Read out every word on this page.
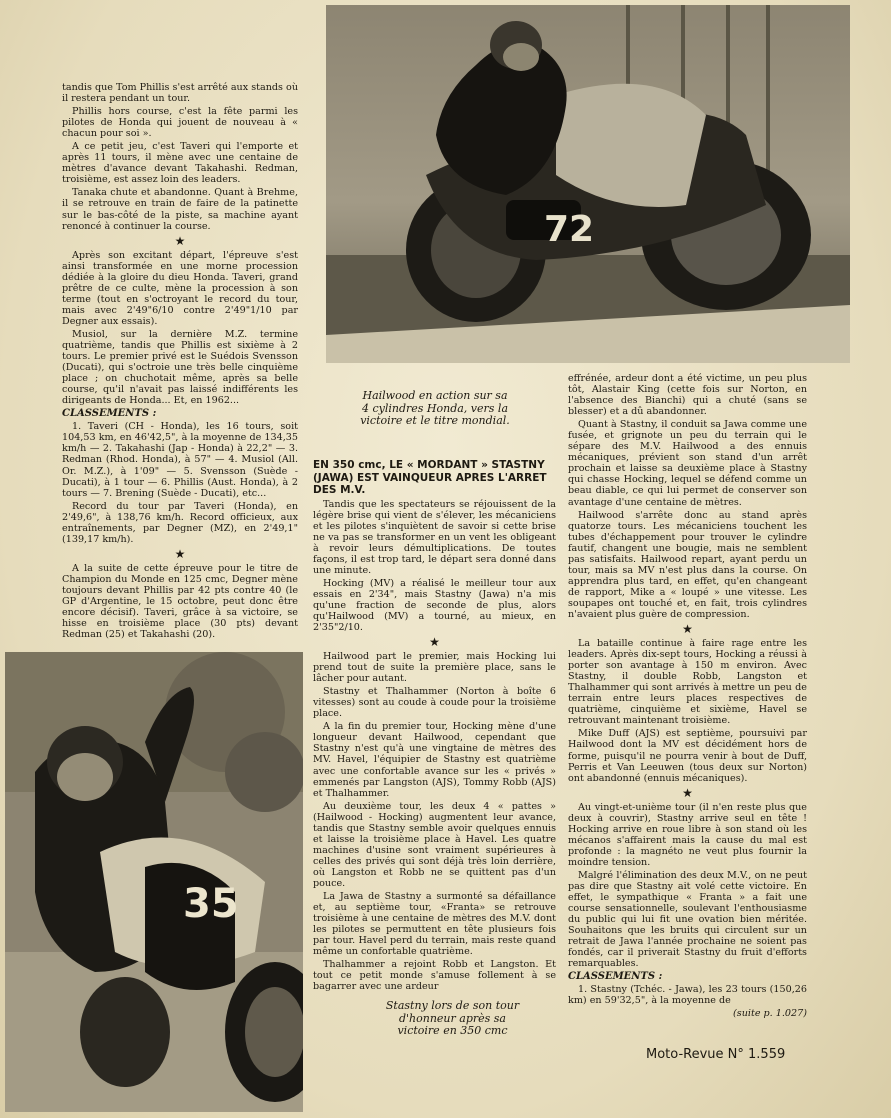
tandis que Tom Phillis s'est arrêté aux stands où il restera pendant un tour.

Phillis hors course, c'est la fête parmi les pilotes de Honda qui jouent de nouveau à « chacun pour soi ».

A ce petit jeu, c'est Taveri qui l'emporte et après 11 tours, il mène avec une centaine de mètres d'avance devant Takahashi. Redman, troisième, est assez loin des leaders.

Tanaka chute et abandonne. Quant à Brehme, il se retrouve en train de faire de la patinette sur le bas-côté de la piste, sa machine ayant renoncé à continuer la course.

★

Après son excitant départ, l'épreuve s'est ainsi transformée en une morne procession dédiée à la gloire du dieu Honda. Taveri, grand prêtre de ce culte, mène la procession à son terme (tout en s'octroyant le record du tour, mais avec 2'49"6/10 contre 2'49"1/10 par Degner aux essais).

Musiol, sur la dernière M.Z. termine quatrième, tandis que Phillis est sixième à 2 tours. Le premier privé est le Suédois Svensson (Ducati), qui s'octroie une très belle cinquième place ; on chuchotait même, après sa belle course, qu'il n'avait pas laissé indifférents les dirigeants de Honda... Et, en 1962...

CLASSEMENTS :

1. Taveri (CH - Honda), les 16 tours, soit 104,53 km, en 46'42,5", à la moyenne de 134,35 km/h — 2. Takahashi (Jap - Honda) à 22,2" — 3. Redman (Rhod. Honda), à 57" — 4. Musiol (All. Or. M.Z.), à 1'09" — 5. Svensson (Suède - Ducati), à 1 tour — 6. Phillis (Aust. Honda), à 2 tours — 7. Brening (Suède - Ducati), etc...

Record du tour par Taveri (Honda), en 2'49,6", à 138,76 km/h. Record officieux, aux entraînements, par Degner (MZ), en 2'49,1" (139,17 km/h).

★

A la suite de cette épreuve pour le titre de Champion du Monde en 125 cmc, Degner mène toujours devant Phillis par 42 pts contre 40 (le GP d'Argentine, le 15 octobre, peut donc être encore décisif). Taveri, grâce à sa victoire, se hisse en troisième place (30 pts) devant Redman (25) et Takahashi (20).

72
Hailwood en action sur sa 4 cylindres Honda, vers la victoire et le titre mondial.

EN 350 cmc, LE « MORDANT » STASTNY (JAWA) EST VAINQUEUR APRES L'ARRET DES M.V.

Tandis que les spectateurs se réjouissent de la légère brise qui vient de s'élever, les mécaniciens et les pilotes s'inquiètent de savoir si cette brise ne va pas se transformer en un vent les obligeant à revoir leurs démultiplications. De toutes façons, il est trop tard, le départ sera donné dans une minute.

Hocking (MV) a réalisé le meilleur tour aux essais en 2'34", mais Stastny (Jawa) n'a mis qu'une fraction de seconde de plus, alors qu'Hailwood (MV) a tourné, au mieux, en 2'35"2/10.

★

Hailwood part le premier, mais Hocking lui prend tout de suite la première place, sans le lâcher pour autant.

Stastny et Thalhammer (Norton à boîte 6 vitesses) sont au coude à coude pour la troisième place.

A la fin du premier tour, Hocking mène d'une longueur devant Hailwood, cependant que Stastny n'est qu'à une vingtaine de mètres des MV. Havel, l'équipier de Stastny est quatrième avec une confortable avance sur les « privés » emmenés par Langston (AJS), Tommy Robb (AJS) et Thalhammer.

Au deuxième tour, les deux 4 « pattes » (Hailwood - Hocking) augmentent leur avance, tandis que Stastny semble avoir quelques ennuis et laisse la troisième place à Havel. Les quatre machines d'usine sont vraiment supérieures à celles des privés qui sont déjà très loin derrière, où Langston et Robb ne se quittent pas d'un pouce.

La Jawa de Stastny a surmonté sa défaillance et, au septième tour, «Franta» se retrouve troisième à une centaine de mètres des M.V. dont les pilotes se permuttent en tête plusieurs fois par tour. Havel perd du terrain, mais reste quand même un confortable quatrième.

Thalhammer a rejoint Robb et Langston. Et tout ce petit monde s'amuse follement à se bagarrer avec une ardeur

Stastny lors de son tour d'honneur après sa victoire en 350 cmc

effrénée, ardeur dont a été victime, un peu plus tôt, Alastair King (cette fois sur Norton, en l'absence des Bianchi) qui a chuté (sans se blesser) et a dû abandonner.

Quant à Stastny, il conduit sa Jawa comme une fusée, et grignote un peu du terrain qui le sépare des M.V. Hailwood a des ennuis mécaniques, prévient son stand d'un arrêt prochain et laisse sa deuxième place à Stastny qui chasse Hocking, lequel se défend comme un beau diable, ce qui lui permet de conserver son avantage d'une centaine de mètres.

Hailwood s'arrête donc au stand après quatorze tours. Les mécaniciens touchent les tubes d'échappement pour trouver le cylindre fautif, changent une bougie, mais ne semblent pas satisfaits. Hailwood repart, ayant perdu un tour, mais sa MV n'est plus dans la course. On apprendra plus tard, en effet, qu'en changeant de rapport, Mike a « loupé » une vitesse. Les soupapes ont touché et, en fait, trois cylindres n'avaient plus guère de compression.

★

La bataille continue à faire rage entre les leaders. Après dix-sept tours, Hocking a réussi à porter son avantage à 150 m environ. Avec Stastny, il double Robb, Langston et Thalhammer qui sont arrivés à mettre un peu de terrain entre leurs places respectives de quatrième, cinquième et sixième, Havel se retrouvant maintenant troisième.

Mike Duff (AJS) est septième, poursuivi par Hailwood dont la MV est décidément hors de forme, puisqu'il ne pourra venir à bout de Duff, Perris et Van Leeuwen (tous deux sur Norton) ont abandonné (ennuis mécaniques).

★

Au vingt-et-unième tour (il n'en reste plus que deux à couvrir), Stastny arrive seul en tête ! Hocking arrive en roue libre à son stand où les mécanos s'affairent mais la cause du mal est profonde : la magnéto ne veut plus fournir la moindre tension.

Malgré l'élimination des deux M.V., on ne peut pas dire que Stastny ait volé cette victoire. En effet, le sympathique « Franta » a fait une course sensationnelle, soulevant l'enthousiasme du public qui lui fit une ovation bien méritée. Souhaitons que les bruits qui circulent sur un retrait de Jawa l'année prochaine ne soient pas fondés, car il priverait Stastny du fruit d'efforts remarquables.

CLASSEMENTS :

1. Stastny (Tchéc. - Jawa), les 23 tours (150,26 km) en 59'32,5", à la moyenne de

(suite p. 1.027)

35
Moto-Revue N° 1.559
